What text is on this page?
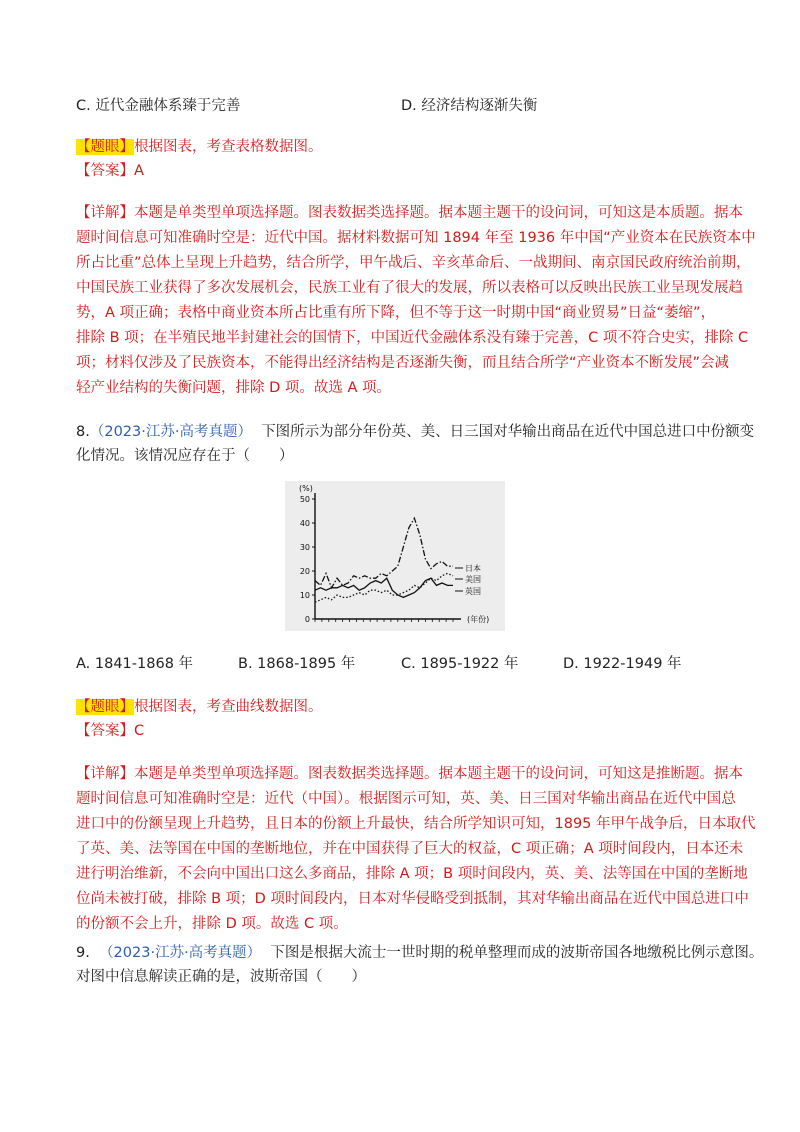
C. 近代金融体系臻于完善	D. 经济结构逐渐失衡
【题眼】根据图表，考查表格数据图。
【答案】A
【详解】本题是单类型单项选择题。图表数据类选择题。据本题主题干的设问词，可知这是本质题。据本
题时间信息可知准确时空是：近代中国。据材料数据可知 1894 年至 1936 年中国“产业资本在民族资本中
所占比重”总体上呈现上升趋势，结合所学，甲午战后、辛亥革命后、一战期间、南京国民政府统治前期，
中国民族工业获得了多次发展机会，民族工业有了很大的发展，所以表格可以反映出民族工业呈现发展趋
势，A 项正确；表格中商业资本所占比重有所下降，但不等于这一时期中国“商业贸易”日益“萎缩”，
排除 B 项；在半殖民地半封建社会的国情下，中国近代金融体系没有臻于完善，C 项不符合史实，排除 C
项；材料仅涉及了民族资本，不能得出经济结构是否逐渐失衡，而且结合所学“产业资本不断发展”会减
轻产业结构的失衡问题，排除 D 项。故选 A 项。
8.（2023·江苏·高考真题） 下图所示为部分年份英、美、日三国对华输出商品在近代中国总进口中份额变
化情况。该情况应存在于（　　）
0
10
20
30
40
50
(%)
(年份)
日本
美国
英国
A. 1841-1868 年	B. 1868-1895 年	C. 1895-1922 年	D. 1922-1949 年
【题眼】根据图表，考查曲线数据图。
【答案】C
【详解】本题是单类型单项选择题。图表数据类选择题。据本题主题干的设问词，可知这是推断题。据本
题时间信息可知准确时空是：近代（中国）。根据图示可知，英、美、日三国对华输出商品在近代中国总
进口中的份额呈现上升趋势，且日本的份额上升最快，结合所学知识可知，1895 年甲午战争后，日本取代
了英、美、法等国在中国的垄断地位，并在中国获得了巨大的权益，C 项正确；A 项时间段内，日本还未
进行明治维新，不会向中国出口这么多商品，排除 A 项；B 项时间段内，英、美、法等国在中国的垄断地
位尚未被打破，排除 B 项；D 项时间段内，日本对华侵略受到抵制，其对华输出商品在近代中国总进口中
的份额不会上升，排除 D 项。故选 C 项。
9. （2023·江苏·高考真题） 下图是根据大流士一世时期的税单整理而成的波斯帝国各地缴税比例示意图。
对图中信息解读正确的是，波斯帝国（　　）
